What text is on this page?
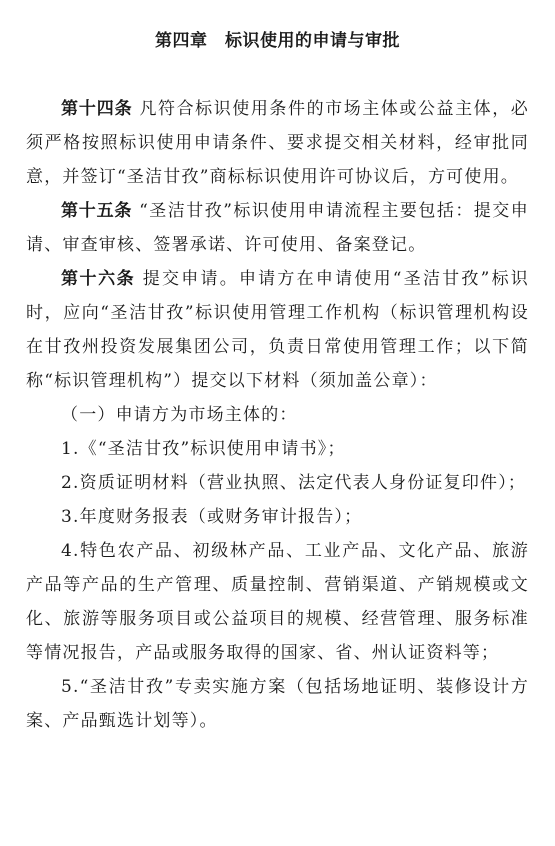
第四章　标识使用的申请与审批

第十四条 凡符合标识使用条件的市场主体或公益主体，必须严格按照标识使用申请条件、要求提交相关材料，经审批同意，并签订“圣洁甘孜”商标标识使用许可协议后，方可使用。

第十五条 “圣洁甘孜”标识使用申请流程主要包括：提交申请、审查审核、签署承诺、许可使用、备案登记。

第十六条 提交申请。申请方在申请使用“圣洁甘孜”标识时，应向“圣洁甘孜”标识使用管理工作机构（标识管理机构设在甘孜州投资发展集团公司，负责日常使用管理工作；以下简称“标识管理机构”）提交以下材料（须加盖公章）：

（一）申请方为市场主体的：

1.《“圣洁甘孜”标识使用申请书》；

2.资质证明材料（营业执照、法定代表人身份证复印件）；

3.年度财务报表（或财务审计报告）；

4.特色农产品、初级林产品、工业产品、文化产品、旅游产品等产品的生产管理、质量控制、营销渠道、产销规模或文化、旅游等服务项目或公益项目的规模、经营管理、服务标准等情况报告，产品或服务取得的国家、省、州认证资料等；

5.“圣洁甘孜”专卖实施方案（包括场地证明、装修设计方案、产品甄选计划等）。
